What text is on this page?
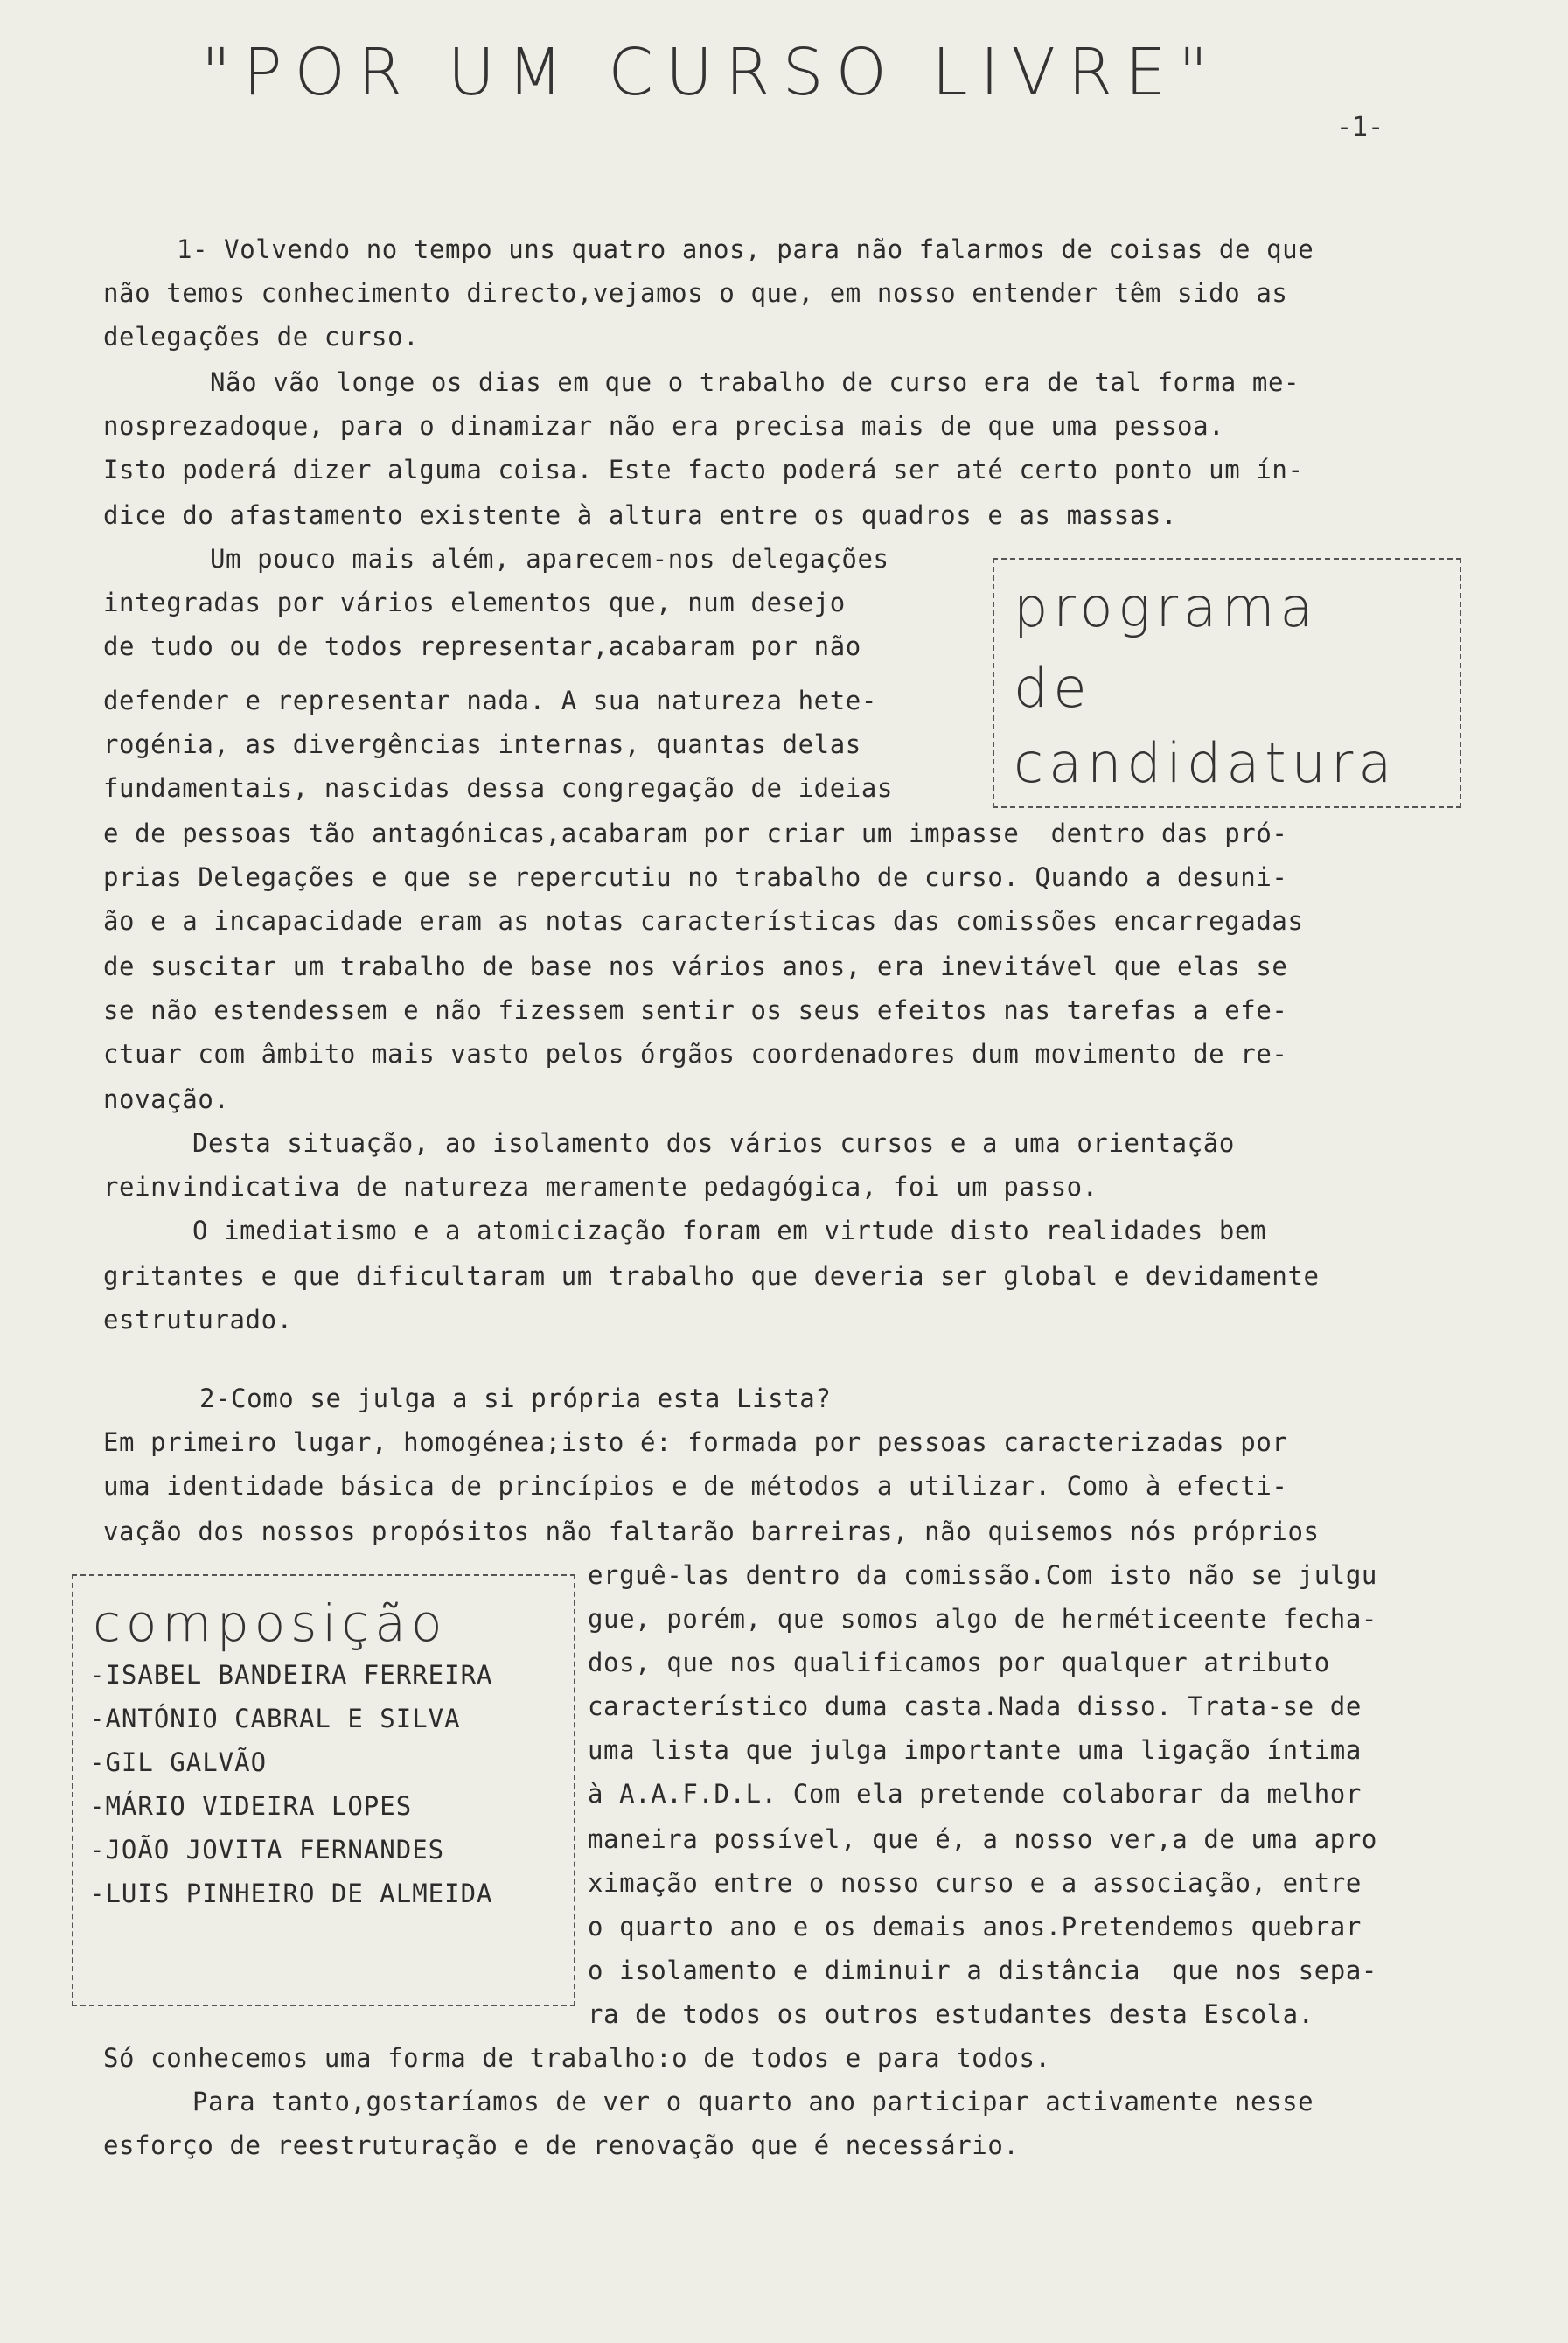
"POR UM CURSO LIVRE"
-1-
1- Volvendo no tempo uns quatro anos, para não falarmos de coisas de que
não temos conhecimento directo,vejamos o que, em nosso entender têm sido as
delegações de curso.
Não vão longe os dias em que o trabalho de curso era de tal forma me-
nosprezadoque, para o dinamizar não era precisa mais de que uma pessoa.
Isto poderá dizer alguma coisa. Este facto poderá ser até certo ponto um ín-
dice do afastamento existente à altura entre os quadros e as massas.
Um pouco mais além, aparecem-nos delegações
integradas por vários elementos que, num desejo
de tudo ou de todos representar,acabaram por não
defender e representar nada. A sua natureza hete-
rogénia, as divergências internas, quantas delas
fundamentais, nascidas dessa congregação de ideias
e de pessoas tão antagónicas,acabaram por criar um impasse  dentro das pró-
prias Delegações e que se repercutiu no trabalho de curso. Quando a desuni-
ão e a incapacidade eram as notas características das comissões encarregadas
de suscitar um trabalho de base nos vários anos, era inevitável que elas se
se não estendessem e não fizessem sentir os seus efeitos nas tarefas a efe-
ctuar com âmbito mais vasto pelos órgãos coordenadores dum movimento de re-
novação.
Desta situação, ao isolamento dos vários cursos e a uma orientação
reinvindicativa de natureza meramente pedagógica, foi um passo.
O imediatismo e a atomicização foram em virtude disto realidades bem
gritantes e que dificultaram um trabalho que deveria ser global e devidamente
estruturado.
2-Como se julga a si própria esta Lista?
Em primeiro lugar, homogénea;isto é: formada por pessoas caracterizadas por
uma identidade básica de princípios e de métodos a utilizar. Como à efecti-
vação dos nossos propósitos não faltarão barreiras, não quisemos nós próprios
erguê-las dentro da comissão.Com isto não se julgu
gue, porém, que somos algo de herméticeente fecha-
dos, que nos qualificamos por qualquer atributo
característico duma casta.Nada disso. Trata-se de
uma lista que julga importante uma ligação íntima
à A.A.F.D.L. Com ela pretende colaborar da melhor
maneira possível, que é, a nosso ver,a de uma apro
ximação entre o nosso curso e a associação, entre
o quarto ano e os demais anos.Pretendemos quebrar
o isolamento e diminuir a distância  que nos sepa-
ra de todos os outros estudantes desta Escola.
Só conhecemos uma forma de trabalho:o de todos e para todos.
Para tanto,gostaríamos de ver o quarto ano participar activamente nesse
esforço de reestruturação e de renovação que é necessário.
programa
de
candidatura
composição
-ISABEL BANDEIRA FERREIRA
-ANTÓNIO CABRAL E SILVA
-GIL GALVÃO
-MÁRIO VIDEIRA LOPES
-JOÃO JOVITA FERNANDES
-LUIS PINHEIRO DE ALMEIDA
